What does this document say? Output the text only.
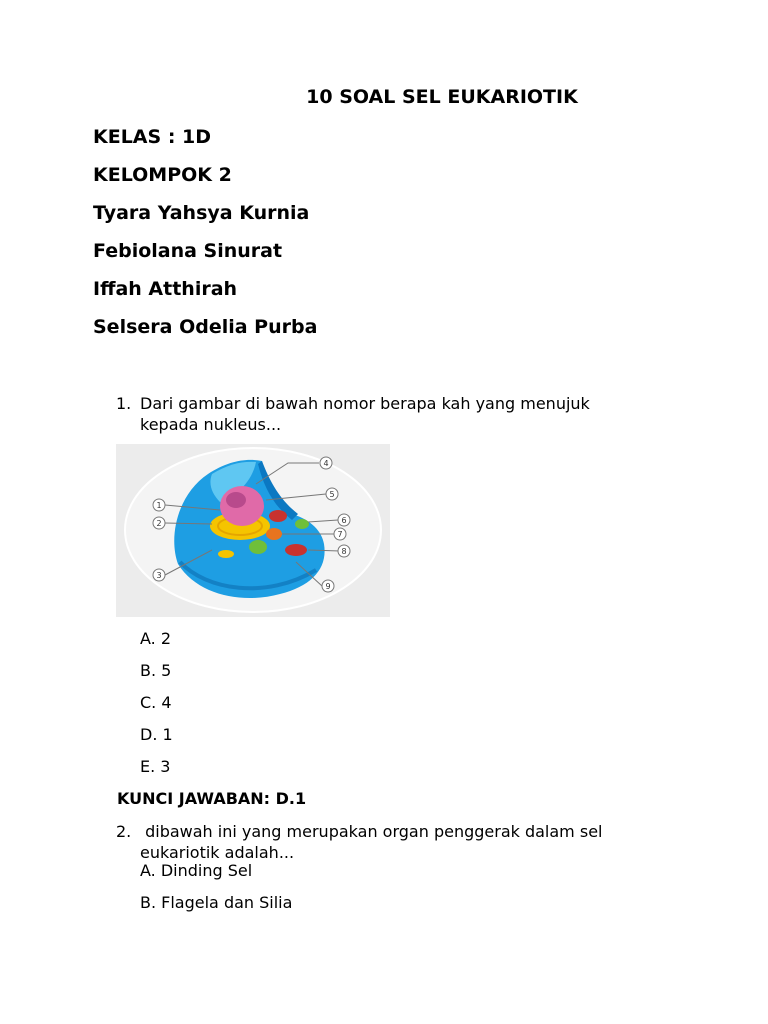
10 SOAL SEL EUKARIOTIK
KELAS : 1D
KELOMPOK 2
Tyara Yahsya Kurnia
Febiolana Sinurat
Iffah Atthirah
Selsera Odelia Purba
1. Dari gambar di bawah nomor berapa kah yang menujuk
kepada nukleus...
1
2
3
4
5
6
7
8
9
A. 2
B. 5
C. 4
D. 1
E. 3
KUNCI JAWABAN: D.1
2. dibawah ini yang merupakan organ penggerak dalam sel
eukariotik adalah...
A. Dinding Sel
B. Flagela dan Silia
